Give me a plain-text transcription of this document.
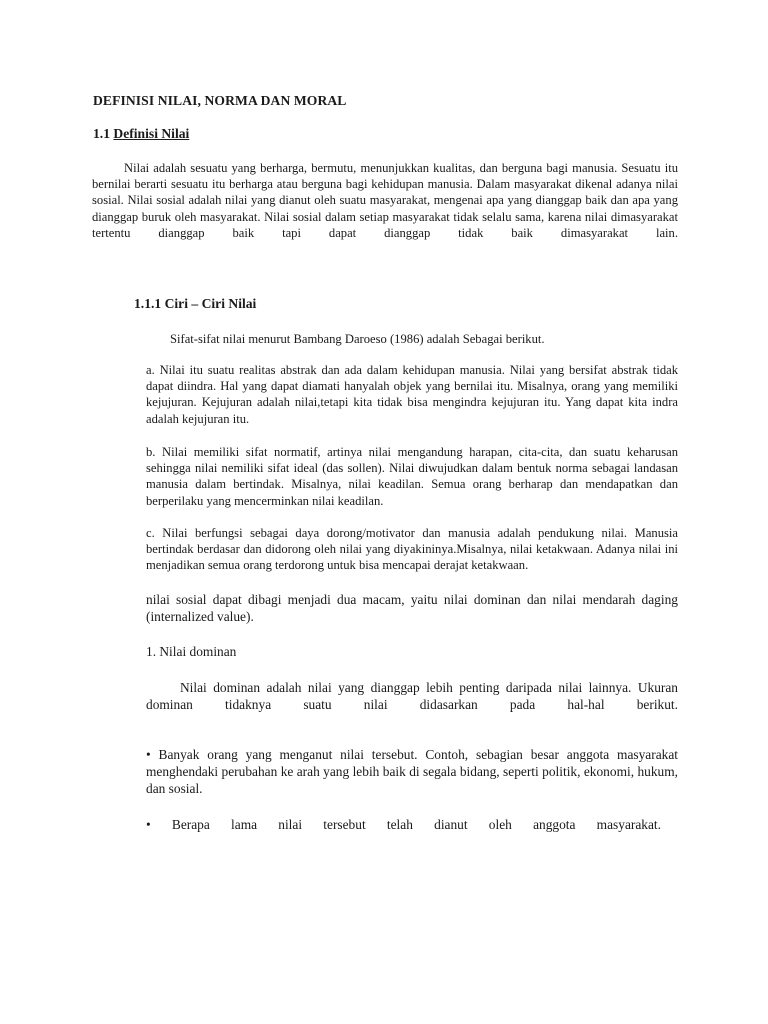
DEFINISI NILAI, NORMA DAN MORAL
1.1 Definisi Nilai

Nilai adalah sesuatu yang berharga, bermutu, menunjukkan kualitas, dan berguna bagi manusia. Sesuatu itu bernilai berarti sesuatu itu berharga atau berguna bagi kehidupan manusia. Dalam masyarakat dikenal adanya nilai sosial. Nilai sosial adalah nilai yang dianut oleh suatu masyarakat, mengenai apa yang dianggap baik dan apa yang dianggap buruk oleh masyarakat. Nilai sosial dalam setiap masyarakat tidak selalu sama, karena nilai dimasyarakat tertentu dianggap baik tapi dapat dianggap tidak baik dimasyarakat lain.

1.1.1 Ciri – Ciri Nilai

Sifat-sifat nilai menurut Bambang Daroeso (1986) adalah Sebagai berikut.

a. Nilai itu suatu realitas abstrak dan ada dalam kehidupan manusia. Nilai yang bersifat abstrak tidak dapat diindra. Hal yang dapat diamati hanyalah objek yang bernilai itu. Misalnya, orang yang memiliki kejujuran. Kejujuran adalah nilai,tetapi kita tidak bisa mengindra kejujuran itu. Yang dapat kita indra adalah kejujuran itu.

b. Nilai memiliki sifat normatif, artinya nilai mengandung harapan, cita-cita, dan suatu keharusan sehingga nilai nemiliki sifat ideal (das sollen). Nilai diwujudkan dalam bentuk norma sebagai landasan manusia dalam bertindak. Misalnya, nilai keadilan. Semua orang berharap dan mendapatkan dan berperilaku yang mencerminkan nilai keadilan.

c. Nilai berfungsi sebagai daya dorong/motivator dan manusia adalah pendukung nilai. Manusia bertindak berdasar dan didorong oleh nilai yang diyakininya.Misalnya, nilai ketakwaan. Adanya nilai ini menjadikan semua orang terdorong untuk bisa mencapai derajat ketakwaan.

nilai sosial dapat dibagi menjadi dua macam, yaitu nilai dominan dan nilai mendarah daging (internalized value).

1. Nilai dominan

Nilai dominan adalah nilai yang dianggap lebih penting daripada nilai lainnya. Ukuran dominan tidaknya suatu nilai didasarkan pada hal-hal berikut.

• Banyak orang yang menganut nilai tersebut. Contoh, sebagian besar anggota masyarakat menghendaki perubahan ke arah yang lebih baik di segala bidang, seperti politik, ekonomi, hukum, dan sosial.

• Berapa lama nilai tersebut telah dianut oleh anggota masyarakat.
